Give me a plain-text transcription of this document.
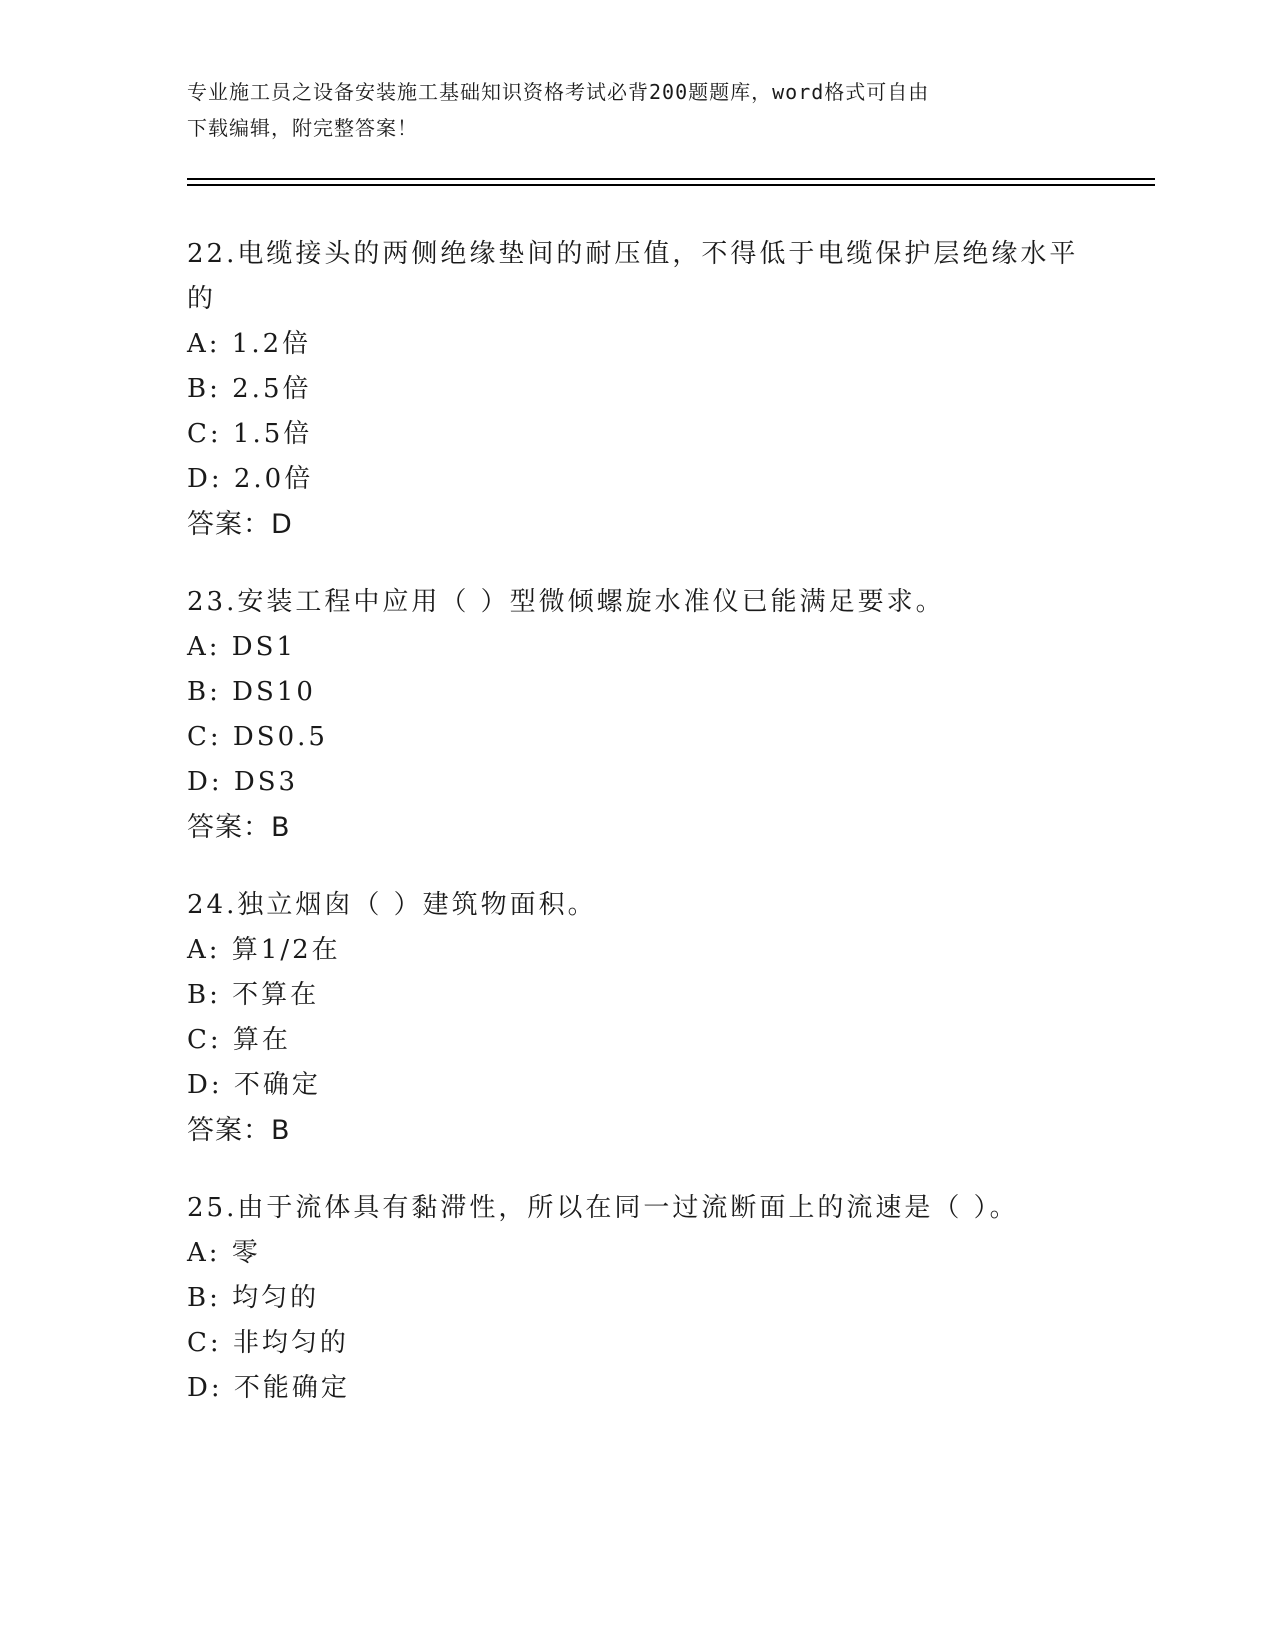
专业施工员之设备安装施工基础知识资格考试必背200题题库，word格式可自由
下载编辑，附完整答案！
22.电缆接头的两侧绝缘垫间的耐压值，不得低于电缆保护层绝缘水平
的
A: 1.2倍
B: 2.5倍
C: 1.5倍
D: 2.0倍
答案：D
23.安装工程中应用（ ）型微倾螺旋水准仪已能满足要求。
A: DS1
B: DS10
C: DS0.5
D: DS3
答案：B
24.独立烟囱（ ）建筑物面积。
A: 算1/2在
B: 不算在
C: 算在
D: 不确定
答案：B
25.由于流体具有黏滞性，所以在同一过流断面上的流速是（ ）。
A: 零
B: 均匀的
C: 非均匀的
D: 不能确定
